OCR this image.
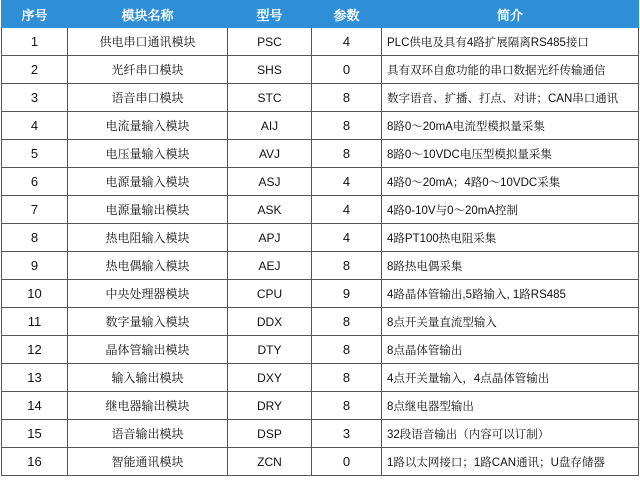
序号	模块名称	型号	参数	简介
1	供电串口通讯模块	PSC	4	PLC供电及具有4路扩展隔离RS485接口
2	光纤串口模块	SHS	0	具有双环自愈功能的串口数据光纤传输通信
3	语音串口模块	STC	8	数字语音、扩播、打点、对讲；CAN串口通讯
4	电流量输入模块	AIJ	8	8路0～20mA电流型模拟量采集
5	电压量输入模块	AVJ	8	8路0～10VDC电压型模拟量采集
6	电源量输入模块	ASJ	4	4路0～20mA；4路0～10VDC采集
7	电源量输出模块	ASK	4	4路0-10V与0～20mA控制
8	热电阻输入模块	APJ	4	4路PT100热电阻采集
9	热电偶输入模块	AEJ	8	8路热电偶采集
10	中央处理器模块	CPU	9	4路晶体管输出,5路输入, 1路RS485
11	数字量输入模块	DDX	8	8点开关量直流型输入
12	晶体管输出模块	DTY	8	8点晶体管输出
13	输入输出模块	DXY	8	4点开关量输入，4点晶体管输出
14	继电器输出模块	DRY	8	8点继电器型输出
15	语音输出模块	DSP	3	32段语音输出（内容可以订制）
16	智能通讯模块	ZCN	0	1路以太网接口；1路CAN通讯；U盘存储器
